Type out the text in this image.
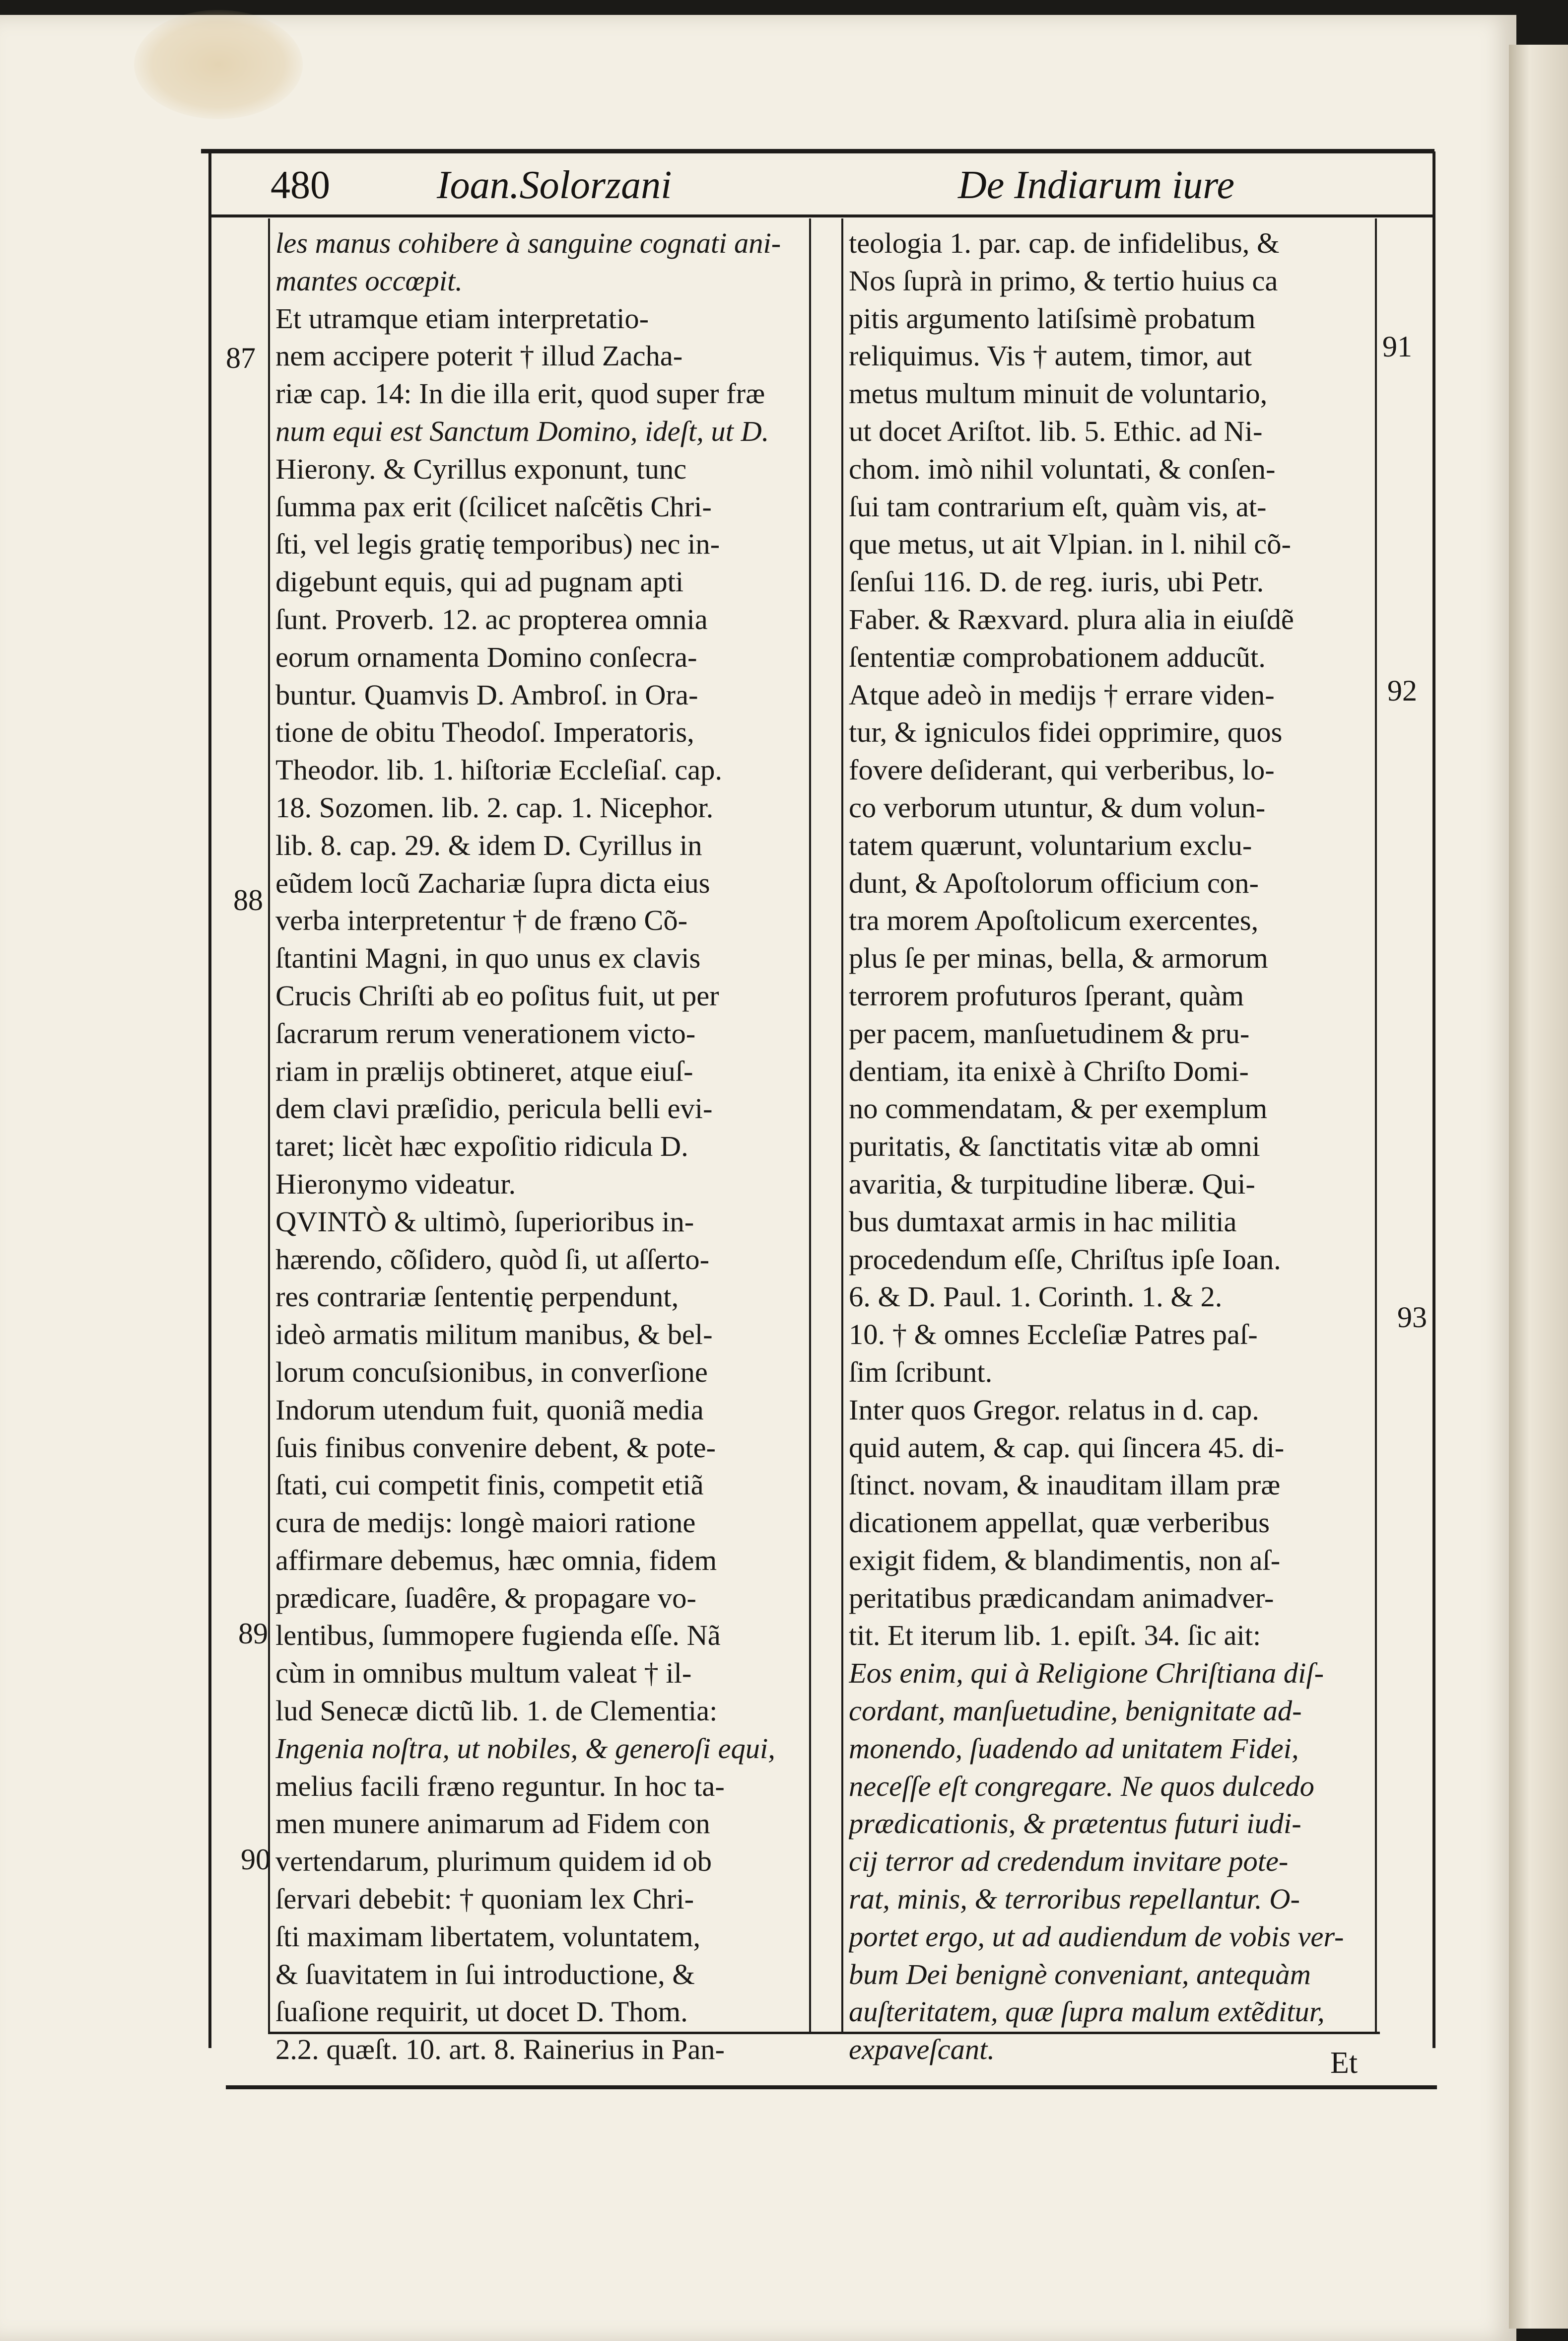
480	Ioan.Solorzani	De Indiarum iure
les manus cohibere à sanguine cognati ani-
mantes occœpit.
Et utramque etiam interpretatio-
nem accipere poterit † illud Zacha-
riæ cap. 14: In die illa erit, quod super fræ
num equi est Sanctum Domino, ideſt, ut D.
Hierony. & Cyrillus exponunt, tunc
ſumma pax erit (ſcilicet naſcẽtis Chri-
ſti, vel legis gratię temporibus) nec in-
digebunt equis, qui ad pugnam apti
ſunt. Proverb. 12. ac propterea omnia
eorum ornamenta Domino conſecra-
buntur. Quamvis D. Ambroſ. in Ora-
tione de obitu Theodoſ. Imperatoris,
Theodor. lib. 1. hiſtoriæ Eccleſiaſ. cap.
18. Sozomen. lib. 2. cap. 1. Nicephor.
lib. 8. cap. 29. & idem D. Cyrillus in
eũdem locũ Zachariæ ſupra dicta eius
verba interpretentur † de fræno Cõ-
ſtantini Magni, in quo unus ex clavis
Crucis Chriſti ab eo poſitus fuit, ut per
ſacrarum rerum venerationem victo-
riam in prælijs obtineret, atque eiuſ-
dem clavi præſidio, pericula belli evi-
taret; licèt hæc expoſitio ridicula D.
Hieronymo videatur.
QVINTÒ & ultimò, ſuperioribus in-
hærendo, cõſidero, quòd ſi, ut aſſerto-
res contrariæ ſententię perpendunt,
ideò armatis militum manibus, & bel-
lorum concuſsionibus, in converſione
Indorum utendum fuit, quoniã media
ſuis finibus convenire debent, & pote-
ſtati, cui competit finis, competit etiã
cura de medijs: longè maiori ratione
affirmare debemus, hæc omnia, fidem
prædicare, ſuadêre, & propagare vo-
lentibus, ſummopere fugienda eſſe. Nã
cùm in omnibus multum valeat † il-
lud Senecæ dictũ lib. 1. de Clementia:
Ingenia noſtra, ut nobiles, & generoſi equi,
melius facili fræno reguntur. In hoc ta-
men munere animarum ad Fidem con
vertendarum, plurimum quidem id ob
ſervari debebit: † quoniam lex Chri-
ſti maximam libertatem, voluntatem,
& ſuavitatem in ſui introductione, &
ſuaſione requirit, ut docet D. Thom.
2.2. quæſt. 10. art. 8. Rainerius in Pan-
teologia 1. par. cap. de infidelibus, &
Nos ſuprà in primo, & tertio huius ca
pitis argumento latiſsimè probatum
reliquimus. Vis † autem, timor, aut
metus multum minuit de voluntario,
ut docet Ariſtot. lib. 5. Ethic. ad Ni-
chom. imò nihil voluntati, & conſen-
ſui tam contrarium eſt, quàm vis, at-
que metus, ut ait Vlpian. in l. nihil cõ-
ſenſui 116. D. de reg. iuris, ubi Petr.
Faber. & Ræxvard. plura alia in eiuſdẽ
ſententiæ comprobationem adducũt.
Atque adeò in medijs † errare viden-
tur, & igniculos fidei opprimire, quos
fovere deſiderant, qui verberibus, lo-
co verborum utuntur, & dum volun-
tatem quærunt, voluntarium exclu-
dunt, & Apoſtolorum officium con-
tra morem Apoſtolicum exercentes,
plus ſe per minas, bella, & armorum
terrorem profuturos ſperant, quàm
per pacem, manſuetudinem & pru-
dentiam, ita enixè à Chriſto Domi-
no commendatam, & per exemplum
puritatis, & ſanctitatis vitæ ab omni
avaritia, & turpitudine liberæ. Qui-
bus dumtaxat armis in hac militia
procedendum eſſe, Chriſtus ipſe Ioan.
6. & D. Paul. 1. Corinth. 1. & 2.
10. † & omnes Eccleſiæ Patres paſ-
ſim ſcribunt.
Inter quos Gregor. relatus in d. cap.
quid autem, & cap. qui ſincera 45. di-
ſtinct. novam, & inauditam illam præ
dicationem appellat, quæ verberibus
exigit fidem, & blandimentis, non aſ-
peritatibus prædicandam animadver-
tit. Et iterum lib. 1. epiſt. 34. ſic ait:
Eos enim, qui à Religione Chriſtiana diſ-
cordant, manſuetudine, benignitate ad-
monendo, ſuadendo ad unitatem Fidei,
neceſſe eſt congregare. Ne quos dulcedo
prædicationis, & prætentus futuri iudi-
cij terror ad credendum invitare pote-
rat, minis, & terroribus repellantur. O-
portet ergo, ut ad audiendum de vobis ver-
bum Dei benignè conveniant, antequàm
auſteritatem, quæ ſupra malum extẽditur,
expaveſcant.
87
88
89
90
91
92
93
Et
